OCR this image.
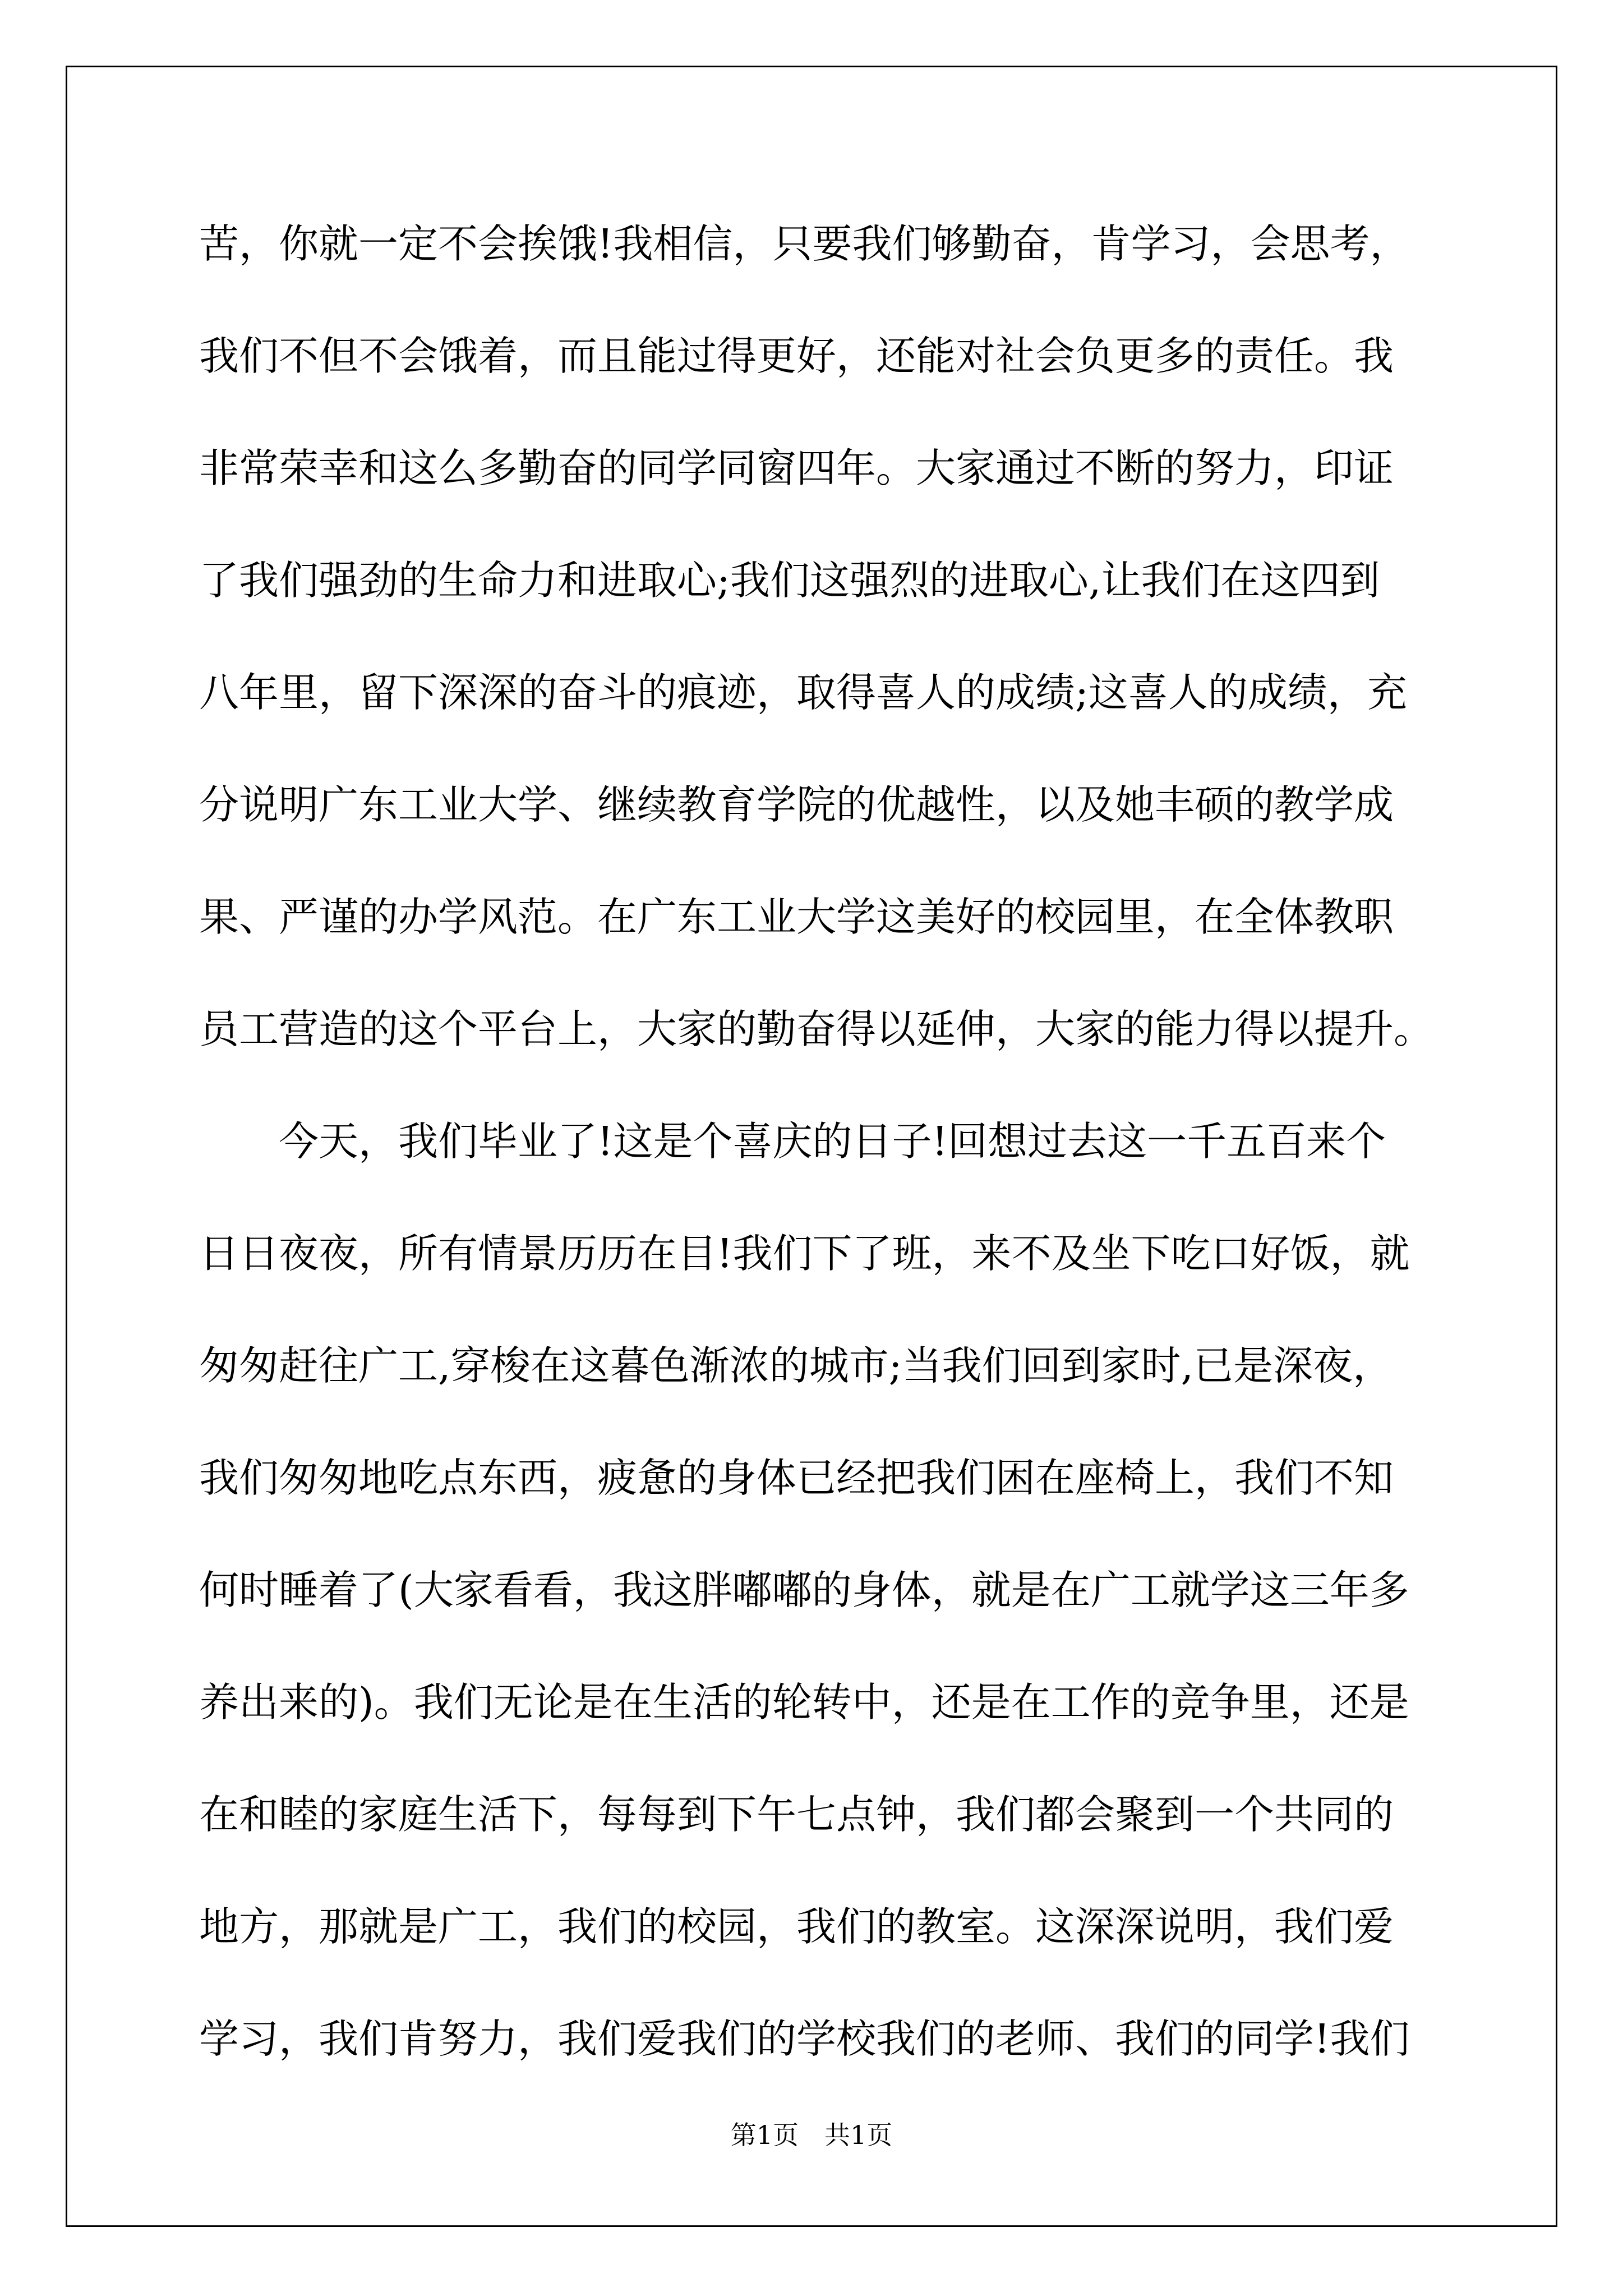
苦，你就一定不会挨饿!我相信，只要我们够勤奋，肯学习，会思考，
我们不但不会饿着，而且能过得更好，还能对社会负更多的责任。我
非常荣幸和这么多勤奋的同学同窗四年。大家通过不断的努力，印证
了我们强劲的生命力和进取心;我们这强烈的进取心,让我们在这四到
八年里，留下深深的奋斗的痕迹，取得喜人的成绩;这喜人的成绩，充
分说明广东工业大学、继续教育学院的优越性，以及她丰硕的教学成
果、严谨的办学风范。在广东工业大学这美好的校园里，在全体教职
员工营造的这个平台上，大家的勤奋得以延伸，大家的能力得以提升。
　　今天，我们毕业了!这是个喜庆的日子!回想过去这一千五百来个
日日夜夜，所有情景历历在目!我们下了班，来不及坐下吃口好饭，就
匆匆赶往广工,穿梭在这暮色渐浓的城市;当我们回到家时,已是深夜，
我们匆匆地吃点东西，疲惫的身体已经把我们困在座椅上，我们不知
何时睡着了(大家看看，我这胖嘟嘟的身体，就是在广工就学这三年多
养出来的)。我们无论是在生活的轮转中，还是在工作的竞争里，还是
在和睦的家庭生活下，每每到下午七点钟，我们都会聚到一个共同的
地方，那就是广工，我们的校园，我们的教室。这深深说明，我们爱
学习，我们肯努力，我们爱我们的学校我们的老师、我们的同学!我们
第1页　共1页
